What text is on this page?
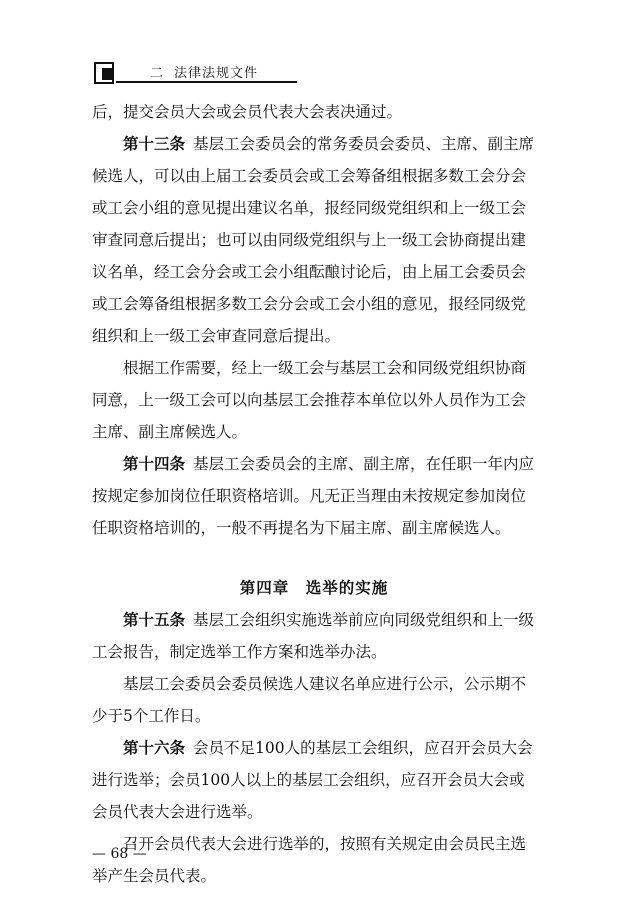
二 法律法规文件

后，提交会员大会或会员代表大会表决通过。

第十三条 基层工会委员会的常务委员会委员、主席、副主席候选人，可以由上届工会委员会或工会筹备组根据多数工会分会或工会小组的意见提出建议名单，报经同级党组织和上一级工会审查同意后提出；也可以由同级党组织与上一级工会协商提出建议名单，经工会分会或工会小组酝酿讨论后，由上届工会委员会或工会筹备组根据多数工会分会或工会小组的意见，报经同级党组织和上一级工会审查同意后提出。

根据工作需要，经上一级工会与基层工会和同级党组织协商同意，上一级工会可以向基层工会推荐本单位以外人员作为工会主席、副主席候选人。

第十四条 基层工会委员会的主席、副主席，在任职一年内应按规定参加岗位任职资格培训。凡无正当理由未按规定参加岗位任职资格培训的，一般不再提名为下届主席、副主席候选人。

第四章　选举的实施

第十五条 基层工会组织实施选举前应向同级党组织和上一级工会报告，制定选举工作方案和选举办法。

基层工会委员会委员候选人建议名单应进行公示，公示期不少于5个工作日。

第十六条 会员不足100人的基层工会组织，应召开会员大会进行选举；会员100人以上的基层工会组织，应召开会员大会或会员代表大会进行选举。

召开会员代表大会进行选举的，按照有关规定由会员民主选举产生会员代表。

— 68 —
